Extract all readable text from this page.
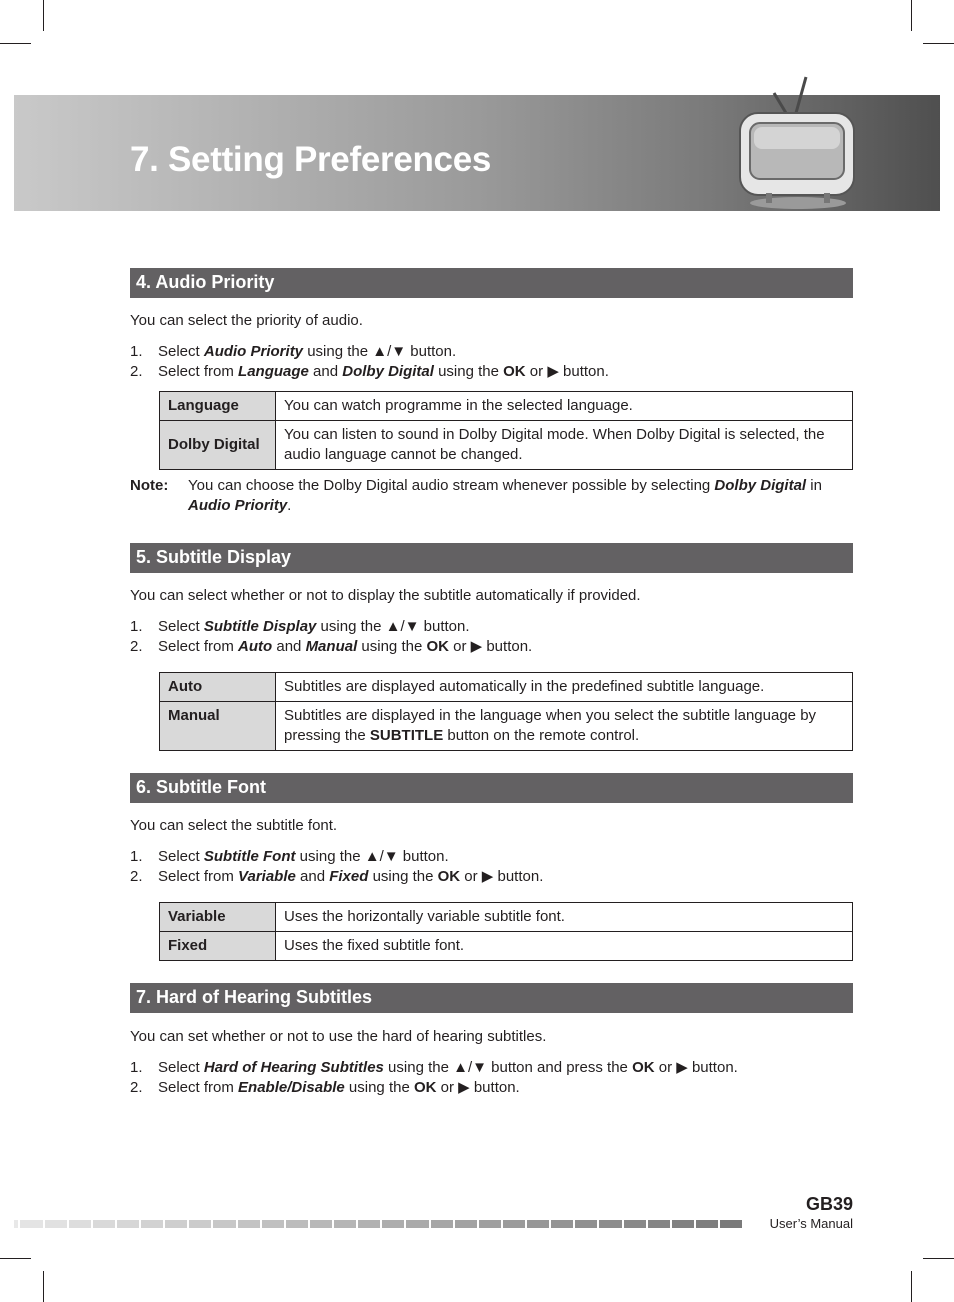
7. Setting Preferences
4. Audio Priority
You can select the priority of audio.
1. Select Audio Priority using the ▲/▼ button.
2. Select from Language and Dolby Digital using the OK or ▶ button.
Language	You can watch programme in the selected language.
Dolby Digital	You can listen to sound in Dolby Digital mode. When Dolby Digital is selected, the audio language cannot be changed.
Note: You can choose the Dolby Digital audio stream whenever possible by selecting Dolby Digital in Audio Priority.
5. Subtitle Display
You can select whether or not to display the subtitle automatically if provided.
1. Select Subtitle Display using the ▲/▼ button.
2. Select from Auto and Manual using the OK or ▶ button.
Auto	Subtitles are displayed automatically in the predefined subtitle language.
Manual	Subtitles are displayed in the language when you select the subtitle language by pressing the SUBTITLE button on the remote control.
6. Subtitle Font
You can select the subtitle font.
1. Select Subtitle Font using the ▲/▼ button.
2. Select from Variable and Fixed using the OK or ▶ button.
Variable	Uses the horizontally variable subtitle font.
Fixed	Uses the fixed subtitle font.
7. Hard of Hearing Subtitles
You can set whether or not to use the hard of hearing subtitles.
1. Select Hard of Hearing Subtitles using the ▲/▼ button and press the OK or ▶ button.
2. Select from Enable/Disable using the OK or ▶ button.
GB39
User’s Manual
